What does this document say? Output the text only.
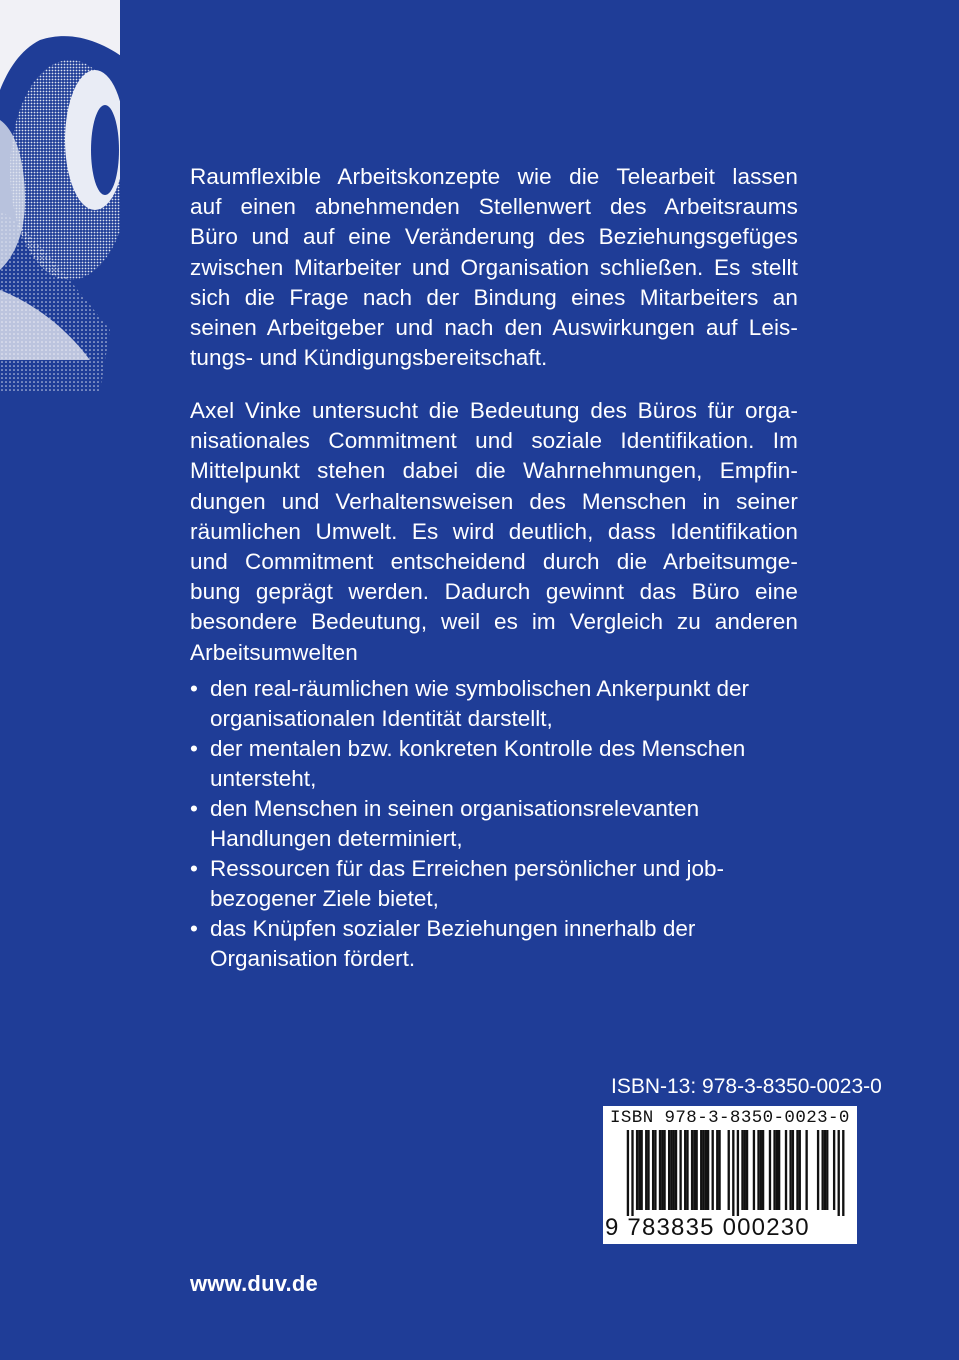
Raumflexible Arbeitskonzepte wie die Telearbeit lassen
auf einen abnehmenden Stellenwert des Arbeitsraums
Büro und auf eine Veränderung des Beziehungsgefüges
zwischen Mitarbeiter und Organisation schließen. Es stellt
sich die Frage nach der Bindung eines Mitarbeiters an
seinen Arbeitgeber und nach den Auswirkungen auf Leis-
tungs- und Kündigungsbereitschaft.
Axel Vinke untersucht die Bedeutung des Büros für orga-
nisationales Commitment und soziale Identifikation. Im
Mittelpunkt stehen dabei die Wahrnehmungen, Empfin-
dungen und Verhaltensweisen des Menschen in seiner
räumlichen Umwelt. Es wird deutlich, dass Identifikation
und Commitment entscheidend durch die Arbeitsumge-
bung geprägt werden. Dadurch gewinnt das Büro eine
besondere Bedeutung, weil es im Vergleich zu anderen
Arbeitsumwelten
• den real-räumlichen wie symbolischen Ankerpunkt der
organisationalen Identität darstellt,
• der mentalen bzw. konkreten Kontrolle des Menschen
untersteht,
• den Menschen in seinen organisationsrelevanten
Handlungen determiniert,
• Ressourcen für das Erreichen persönlicher und job-
bezogener Ziele bietet,
• das Knüpfen sozialer Beziehungen innerhalb der
Organisation fördert.
ISBN-13: 978-3-8350-0023-0
ISBN 978-3-8350-0023-0
9 783835 000230
www.duv.de
